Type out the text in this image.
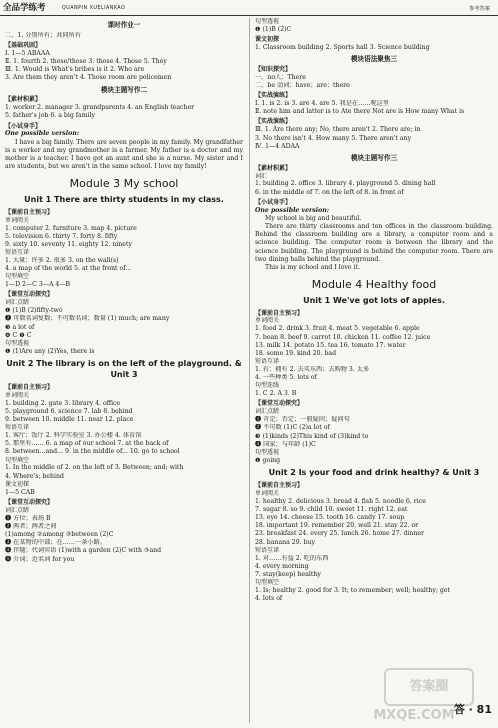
全品学练考	QUANPIN XUELIANKAO	参考答案
课时作业一
二、1. 分别所有；共同所有
【基础巩固】
Ⅰ. 1—5 ABAAA
Ⅱ. 1. fourth 2. these/those 3. those 4. Those 5. They
Ⅲ. 1. Would is What's bribes is it 2. Who are
3. Are them they aren't 4. Those room are policemen
模块主题写作二
【素材积累】
1. worker 2. manager 3. grandparents 4. an English teacher
5. father's job 6. a big family
【小试身手】
One possible version:
I have a big family. There are seven people in my family. My grandfather is a worker and my grandmother is a farmer. My father is a doctor and my mother is a teacher. I have got an aunt and she is a nurse. My sister and I are students, but we aren't in the same school. I love my family!
Module 3 My school
Unit 1 There are thirty students in my class.
【课前自主预习】
单词阅关
1. computer 2. furniture 3. map 4. picture
5. television 6. thirty 7. forty 8. fifty
9. sixty 10. seventy 11. eighty 12. ninety
短语互译
1. 大量；许多 2. 很多 3. on the wall(s)
4. a map of the world 5. at the front of...
句型填空
1—D 2—C 3—A 4—B
【课堂互动探究】
词汇点睛
❶ (1)B (2)fifty-two
❷ 可数名词复数；不可数名词；数量 (1) much; are many
❸ a lot of
❹ C ❺ C
句型透视
❶ (1)Are any (2)Yes, there is
Unit 2 The library is on the left of the playground. & Unit 3
【课前自主预习】
单词阅关
1. building 2. gate 3. library 4. office
5. playground 6. science 7. lab 8. behind
9. between 10. middle 11. near 12. place
短语互译
1. 客厅；饭厅 2. 科学实验室 3. 办公楼 4. 体育馆
5. 那里有…… 6. a map of our school 7. at the back of
8. between...and... 9. in the middle of... 10. go to school
句型填空
1. In the middle of 2. on the left of 3. Between; and; with
4. Where's; behind
课文初探
1—5 CAB
【课堂互动探究】
词汇点睛
❶ 方位；表场 B
❷ 两者；两者之间
(1)among ②among ③between (2)C
❸ 在某物的中部；在……一条小路。
❹ 伴随；代词宾语 (1)with a garden (2)C with ③and
❺ 介词；近名词 for you
句型透视
❶ (1)B (2)C
课文初探
1. Classroom building 2. Sports hall 3. Science building
模块语法聚焦三
【知识探究】
一、no人；There
二、be 动词；have；are；there
【实战演练】
Ⅰ. 1. is 2. is 3. are 4. are 5. 我是在……呢这里
Ⅱ. note him and latter is to Ate there Not are is How many What is
【实战演练】
Ⅲ. 1. Are there any; No, there aren't 2. There are; in
3. No there isn't 4. How many 5. There aren't any
Ⅳ. 1—4 ADAA
模块主题写作三
【素材积累】
词汇
1. building 2. office 3. library 4. playground 5. dining hall
6. in the middle of 7. on the left of 8. in front of
【小试身手】
One possible version:
My school is big and beautiful.
There are thirty classrooms and ten offices in the classroom building. Behind the classroom building are a library, a computer room and a science building. The computer room is between the library and the science building. The playground is behind the computer room. There are two dining halls behind the playground.
This is my school and I love it.
Module 4 Healthy food
Unit 1 We've got lots of apples.
【课前自主预习】
单词阅关
1. food 2. drink 3. fruit 4. meat 5. vegetable 6. apple
7. bean 8. beef 9. carrot 10. chicken 11. coffee 12. juice
13. milk 14. potato 15. tea 16. tomato 17. water
18. some 19. kind 20. bad
短语互译
1. 有；拥有 2. 去买东西；去购物 3. 太多
4. 一些种类 5. lots of
句型连线
1. C 2. A 3. B
【课堂互动探究】
词汇点睛
❶ 肯定；否定；一般疑问；疑问句
❷ 不可数 (1)C (2)a lot of
❸ (1)kinds (2)This kind of (3)kind to
❹ 国家；与年龄 (1)C
句型透视
❶ going
Unit 2 Is your food and drink healthy? & Unit 3
【课前自主预习】
单词阅关
1. healthy 2. delicious 3. bread 4. fish 5. noodle 6. rice
7. sugar 8. so 9. child 10. sweet 11. right 12. eat
13. eye 14. cheese 15. tooth 16. candy 17. soup
18. important 19. remember 20. well 21. stay 22. or
23. breakfast 24. every 25. lunch 26. home 27. dinner
28. banana 29. buy
短语互译
1. 对……有益 2. 吃的东西
4. every morning
7. stay(keep) healthy
句型填空
1. Is; healthy 2. good for 3. It; to remember; well; healthy; get
4. lots of
答案圈
MXQE.COM 答 · 81
